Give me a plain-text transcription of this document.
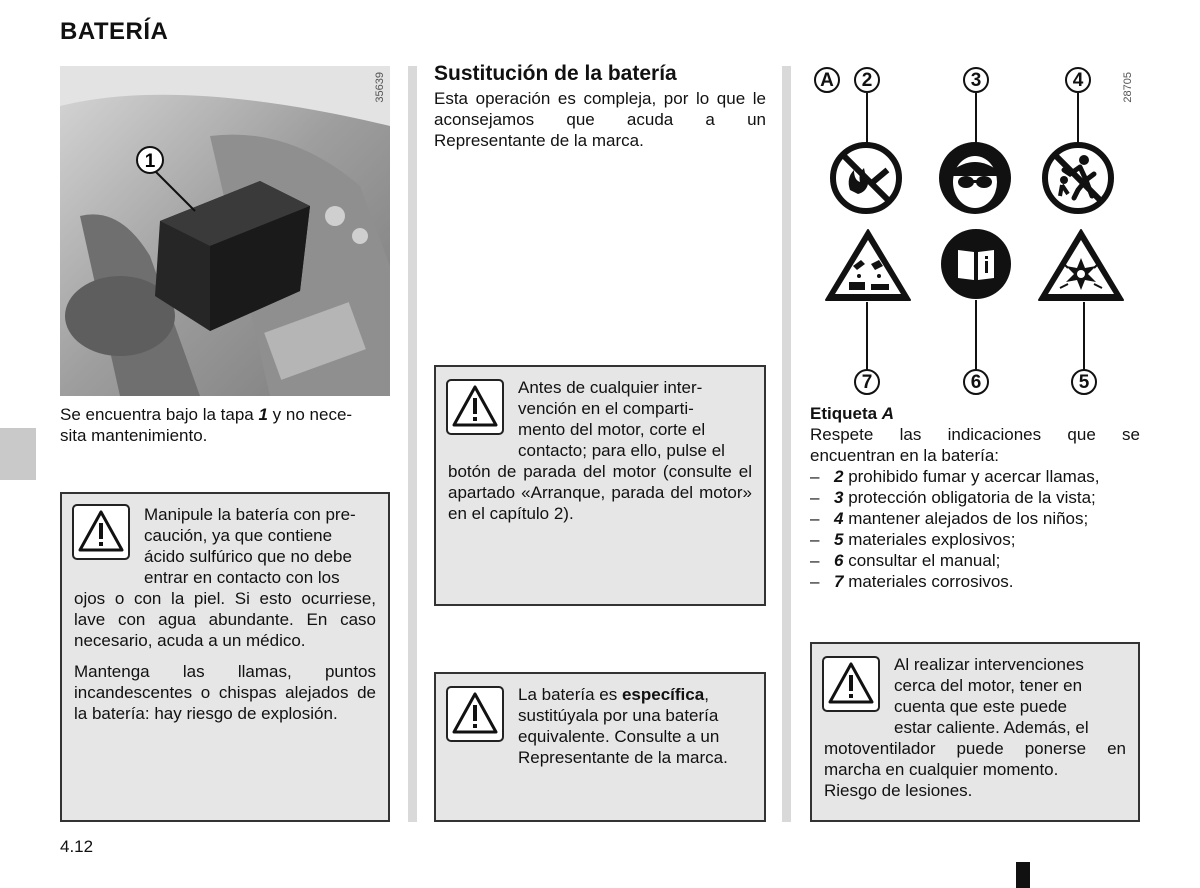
BATERÍA
1
35639
Se encuentra bajo la tapa 1 y no nece-
sita mantenimiento.
Manipule la batería con pre-
caución, ya que contiene
ácido sulfúrico que no debe
entrar en contacto con los

ojos o con la piel. Si esto ocurriese, lave con agua abundante. En caso necesario, acuda a un médico.

Mantenga las llamas, puntos incandescentes o chispas alejados de la batería: hay riesgo de explosión.

4.12
Sustitución de la batería
Esta operación es compleja, por lo que le aconsejamos que acuda a un Representante de la marca.
Antes de cualquier inter-
vención en el comparti-
mento del motor, corte el
contacto; para ello, pulse el

botón de parada del motor (consulte el apartado «Arranque, parada del motor» en el capítulo 2).

La batería es específica,
sustitúyala por una batería
equivalente. Consulte a un
Representante de la marca.
28705
A	2	3	4
7	6	5
Etiqueta A

Respete las indicaciones que se encuentran en la batería:
– 2 prohibido fumar y acercar llamas,
– 3 protección obligatoria de la vista;
– 4 mantener alejados de los niños;
– 5 materiales explosivos;
– 6 consultar el manual;
– 7 materiales corrosivos.
Al realizar intervenciones
cerca del motor, tener en
cuenta que este puede
estar caliente. Además, el

motoventilador puede ponerse en marcha en cualquier momento.

Riesgo de lesiones.
